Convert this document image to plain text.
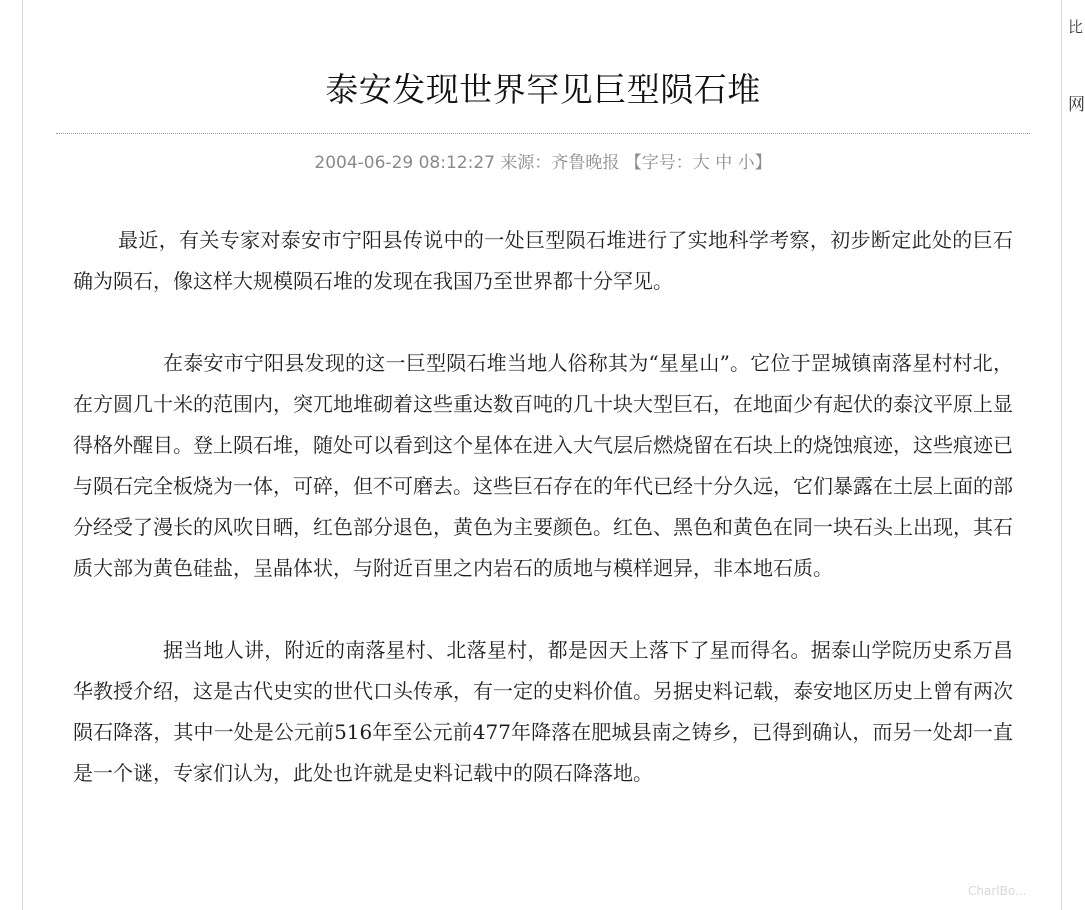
比
网
泰安发现世界罕见巨型陨石堆
2004-06-29 08:12:27 来源：齐鲁晚报 【字号：大 中 小】

最近，有关专家对泰安市宁阳县传说中的一处巨型陨石堆进行了实地科学考察，初步断定此处的巨石确为陨石，像这样大规模陨石堆的发现在我国乃至世界都十分罕见。

在泰安市宁阳县发现的这一巨型陨石堆当地人俗称其为“星星山”。它位于罡城镇南落星村村北，在方圆几十米的范围内，突兀地堆砌着这些重达数百吨的几十块大型巨石，在地面少有起伏的泰汶平原上显得格外醒目。登上陨石堆，随处可以看到这个星体在进入大气层后燃烧留在石块上的烧蚀痕迹，这些痕迹已与陨石完全板烧为一体，可碎，但不可磨去。这些巨石存在的年代已经十分久远，它们暴露在土层上面的部分经受了漫长的风吹日晒，红色部分退色，黄色为主要颜色。红色、黑色和黄色在同一块石头上出现，其石质大部为黄色硅盐，呈晶体状，与附近百里之内岩石的质地与模样迥异，非本地石质。

据当地人讲，附近的南落星村、北落星村，都是因天上落下了星而得名。据泰山学院历史系万昌华教授介绍，这是古代史实的世代口头传承，有一定的史料价值。另据史料记载，泰安地区历史上曾有两次陨石降落，其中一处是公元前516年至公元前477年降落在肥城县南之铸乡，已得到确认，而另一处却一直是一个谜，专家们认为，此处也许就是史料记载中的陨石降落地。

CharlBo...
